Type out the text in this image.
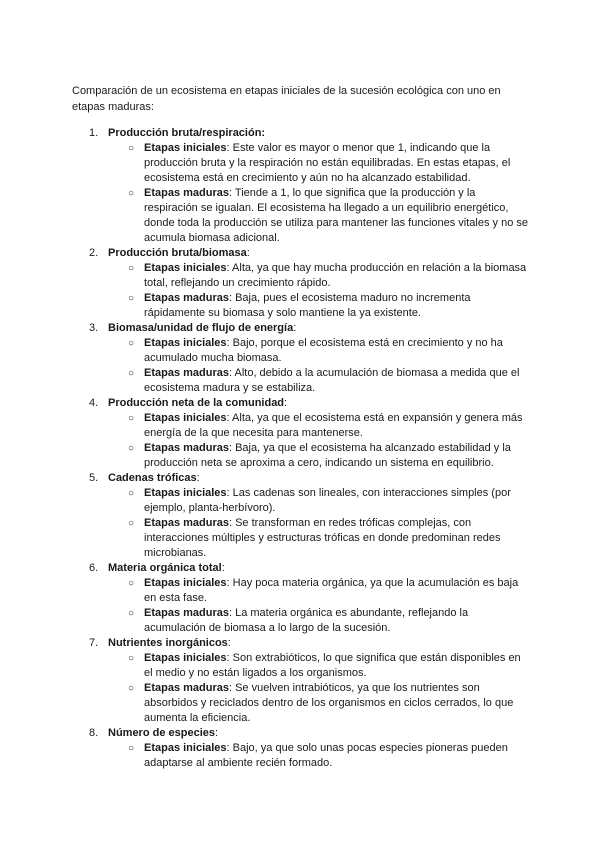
Comparación de un ecosistema en etapas iniciales de la sucesión ecológica con uno en etapas maduras:

1. Producción bruta/respiración:
○ Etapas iniciales: Este valor es mayor o menor que 1, indicando que la producción bruta y la respiración no están equilibradas. En estas etapas, el ecosistema está en crecimiento y aún no ha alcanzado estabilidad.
○ Etapas maduras: Tiende a 1, lo que significa que la producción y la respiración se igualan. El ecosistema ha llegado a un equilibrio energético, donde toda la producción se utiliza para mantener las funciones vitales y no se acumula biomasa adicional.
2. Producción bruta/biomasa:
○ Etapas iniciales: Alta, ya que hay mucha producción en relación a la biomasa total, reflejando un crecimiento rápido.
○ Etapas maduras: Baja, pues el ecosistema maduro no incrementa rápidamente su biomasa y solo mantiene la ya existente.
3. Biomasa/unidad de flujo de energía:
○ Etapas iniciales: Bajo, porque el ecosistema está en crecimiento y no ha acumulado mucha biomasa.
○ Etapas maduras: Alto, debido a la acumulación de biomasa a medida que el ecosistema madura y se estabiliza.
4. Producción neta de la comunidad:
○ Etapas iniciales: Alta, ya que el ecosistema está en expansión y genera más energía de la que necesita para mantenerse.
○ Etapas maduras: Baja, ya que el ecosistema ha alcanzado estabilidad y la producción neta se aproxima a cero, indicando un sistema en equilibrio.
5. Cadenas tróficas:
○ Etapas iniciales: Las cadenas son lineales, con interacciones simples (por ejemplo, planta-herbívoro).
○ Etapas maduras: Se transforman en redes tróficas complejas, con interacciones múltiples y estructuras tróficas en donde predominan redes microbianas.
6. Materia orgánica total:
○ Etapas iniciales: Hay poca materia orgánica, ya que la acumulación es baja en esta fase.
○ Etapas maduras: La materia orgánica es abundante, reflejando la acumulación de biomasa a lo largo de la sucesión.
7. Nutrientes inorgánicos:
○ Etapas iniciales: Son extrabióticos, lo que significa que están disponibles en el medio y no están ligados a los organismos.
○ Etapas maduras: Se vuelven intrabióticos, ya que los nutrientes son absorbidos y reciclados dentro de los organismos en ciclos cerrados, lo que aumenta la eficiencia.
8. Número de especies:
○ Etapas iniciales: Bajo, ya que solo unas pocas especies pioneras pueden adaptarse al ambiente recién formado.
